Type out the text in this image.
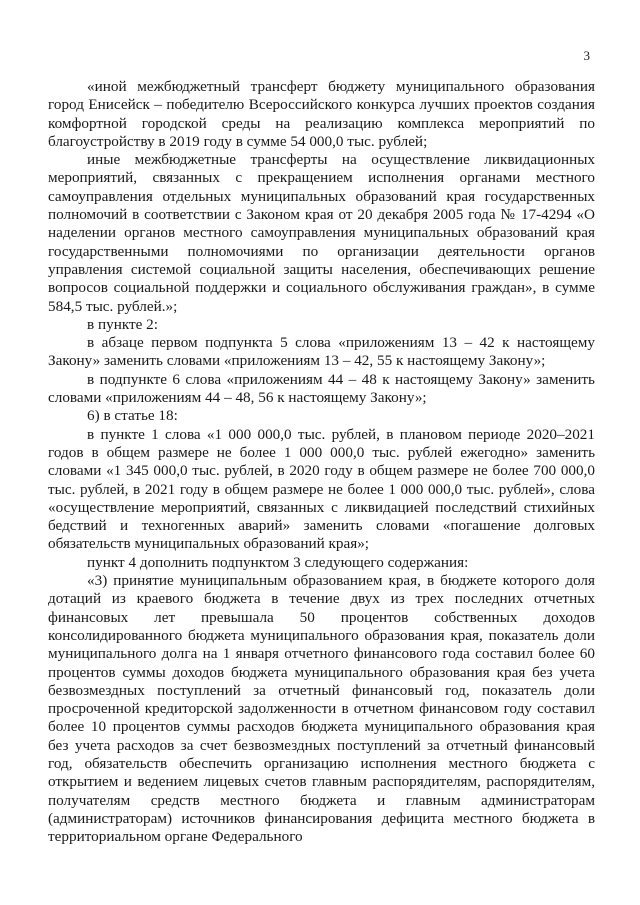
3

«иной межбюджетный трансферт бюджету муниципального образования город Енисейск – победителю Всероссийского конкурса лучших проектов создания комфортной городской среды на реализацию комплекса мероприятий по благоустройству в 2019 году в сумме 54 000,0 тыс. рублей;

иные межбюджетные трансферты на осуществление ликвидационных мероприятий, связанных с прекращением исполнения органами местного самоуправления отдельных муниципальных образований края государственных полномочий в соответствии с Законом края от 20 декабря 2005 года № 17-4294 «О наделении органов местного самоуправления муниципальных образований края государственными полномочиями по организации деятельности органов управления системой социальной защиты населения, обеспечивающих решение вопросов социальной поддержки и социального обслуживания граждан», в сумме 584,5 тыс. рублей.»;

в пункте 2:

в абзаце первом подпункта 5 слова «приложениям 13 – 42 к настоящему Закону» заменить словами «приложениям 13 – 42, 55 к настоящему Закону»;

в подпункте 6 слова «приложениям 44 – 48 к настоящему Закону» заменить словами «приложениям 44 – 48, 56 к настоящему Закону»;

6) в статье 18:

в пункте 1 слова «1 000 000,0 тыс. рублей, в плановом периоде 2020–2021 годов в общем размере не более 1 000 000,0 тыс. рублей ежегодно» заменить словами «1 345 000,0 тыс. рублей, в 2020 году в общем размере не более 700 000,0 тыс. рублей, в 2021 году в общем размере не более 1 000 000,0 тыс. рублей», слова «осуществление мероприятий, связанных с ликвидацией последствий стихийных бедствий и техногенных аварий» заменить словами «погашение долговых обязательств муниципальных образований края»;

пункт 4 дополнить подпунктом 3 следующего содержания:

«3) принятие муниципальным образованием края, в бюджете которого доля дотаций из краевого бюджета в течение двух из трех последних отчетных финансовых лет превышала 50 процентов собственных доходов консолидированного бюджета муниципального образования края, показатель доли муниципального долга на 1 января отчетного финансового года составил более 60 процентов суммы доходов бюджета муниципального образования края без учета безвозмездных поступлений за отчетный финансовый год, показатель доли просроченной кредиторской задолженности в отчетном финансовом году составил более 10 процентов суммы расходов бюджета муниципального образования края без учета расходов за счет безвозмездных поступлений за отчетный финансовый год, обязательств обеспечить организацию исполнения местного бюджета с открытием и ведением лицевых счетов главным распорядителям, распорядителям, получателям средств местного бюджета и главным администраторам (администраторам) источников финансирования дефицита местного бюджета в территориальном органе Федерального
